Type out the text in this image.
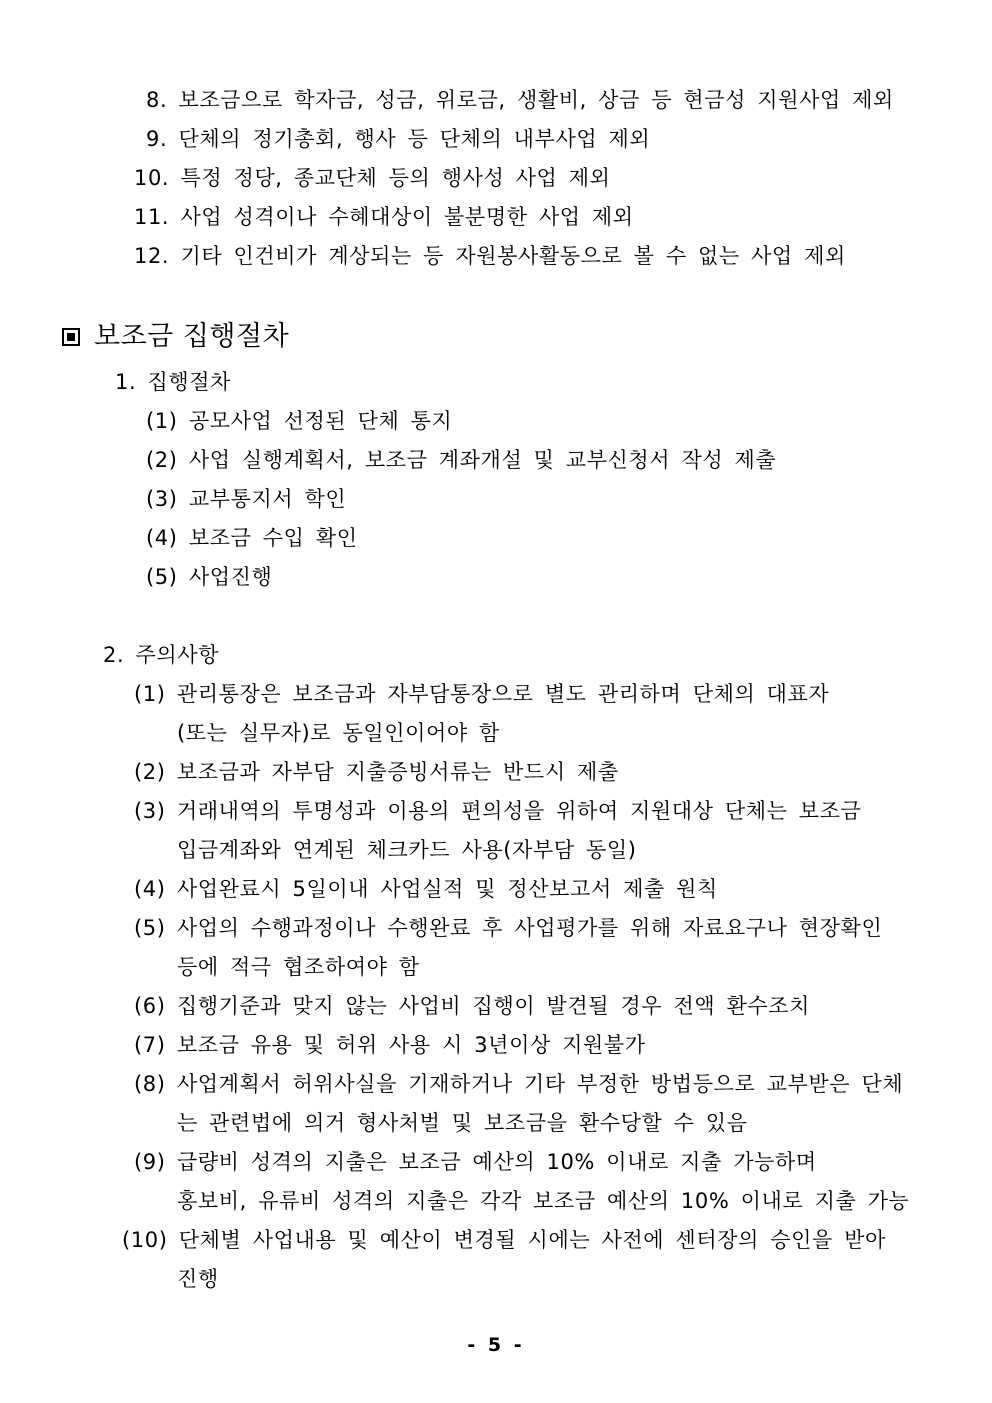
8. 보조금으로 학자금, 성금, 위로금, 생활비, 상금 등 현금성 지원사업 제외
9. 단체의 정기총회, 행사 등 단체의 내부사업 제외
10. 특정 정당, 종교단체 등의 행사성 사업 제외
11. 사업 성격이나 수혜대상이 불분명한 사업 제외
12. 기타 인건비가 계상되는 등 자원봉사활동으로 볼 수 없는 사업 제외
보조금 집행절차
1. 집행절차
(1) 공모사업 선정된 단체 통지
(2) 사업 실행계획서, 보조금 계좌개설 및 교부신청서 작성 제출
(3) 교부통지서 학인
(4) 보조금 수입 확인
(5) 사업진행
2. 주의사항
(1) 관리통장은 보조금과 자부담통장으로 별도 관리하며 단체의 대표자
(또는 실무자)로 동일인이어야 함
(2) 보조금과 자부담 지출증빙서류는 반드시 제출
(3) 거래내역의 투명성과 이용의 편의성을 위하여 지원대상 단체는 보조금
입금계좌와 연계된 체크카드 사용(자부담 동일)
(4) 사업완료시 5일이내 사업실적 및 정산보고서 제출 원칙
(5) 사업의 수행과정이나 수행완료 후 사업평가를 위해 자료요구나 현장확인
등에 적극 협조하여야 함
(6) 집행기준과 맞지 않는 사업비 집행이 발견될 경우 전액 환수조치
(7) 보조금 유용 및 허위 사용 시 3년이상 지원불가
(8) 사업계획서 허위사실을 기재하거나 기타 부정한 방법등으로 교부받은 단체
는 관련법에 의거 형사처벌 및 보조금을 환수당할 수 있음
(9) 급량비 성격의 지출은 보조금 예산의 10% 이내로 지출 가능하며
홍보비, 유류비 성격의 지출은 각각 보조금 예산의 10% 이내로 지출 가능
(10) 단체별 사업내용 및 예산이 변경될 시에는 사전에 센터장의 승인을 받아
진행
- 5 -
